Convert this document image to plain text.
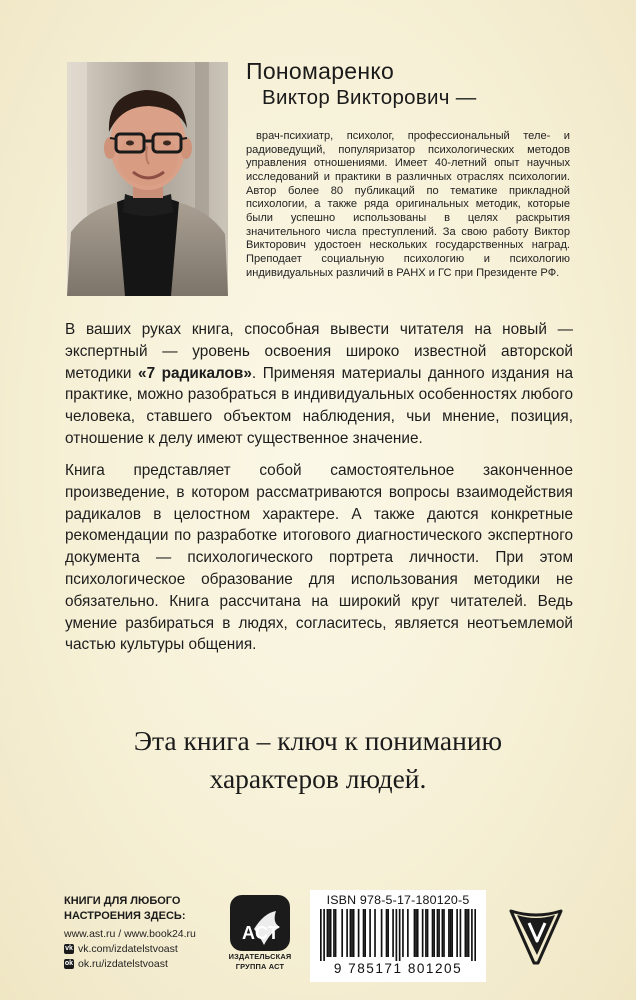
Пономаренко
Виктор Викторович —
врач-психиатр, психолог, профессиональный теле- и радиоведущий, популяризатор психологических методов управления отношениями. Имеет 40-летний опыт научных исследований и практики в различных отраслях психологии. Автор более 80 публикаций по тематике прикладной психологии, а также ряда оригинальных методик, которые были успешно использованы в целях раскрытия значительного числа преступлений. За свою работу Виктор Викторович удостоен нескольких государственных наград. Преподает социальную психологию и психологию индивидуальных различий в РАНХ и ГС при Президенте РФ.
В ваших руках книга, способная вывести читателя на новый — экспертный — уровень освоения широко известной авторской методики «7 радикалов». Применяя материалы данного издания на практике, можно разобраться в индивидуальных особенностях любого человека, ставшего объектом наблюдения, чьи мнение, позиция, отношение к делу имеют существенное значение.
Книга представляет собой самостоятельное законченное произведение, в котором рассматриваются вопросы взаимодействия радикалов в целостном характере. А также даются конкретные рекомендации по разработке итогового диагностического экспертного документа — психологического портрета личности. При этом психологическое образование для использования методики не обязательно. Книга рассчитана на широкий круг читателей. Ведь умение разбираться в людях, согласитесь, является неотъемлемой частью культуры общения.
Эта книга – ключ к пониманию
характеров людей.
КНИГИ ДЛЯ ЛЮБОГО
НАСТРОЕНИЯ ЗДЕСЬ:
www.ast.ru / www.book24.ru
vk vk.com/izdatelstvoast
ok ok.ru/izdatelstvoast
ACT
ИЗДАТЕЛЬСКАЯ
ГРУППА АСТ
ISBN 978-5-17-180120-5
9 785171 801205
